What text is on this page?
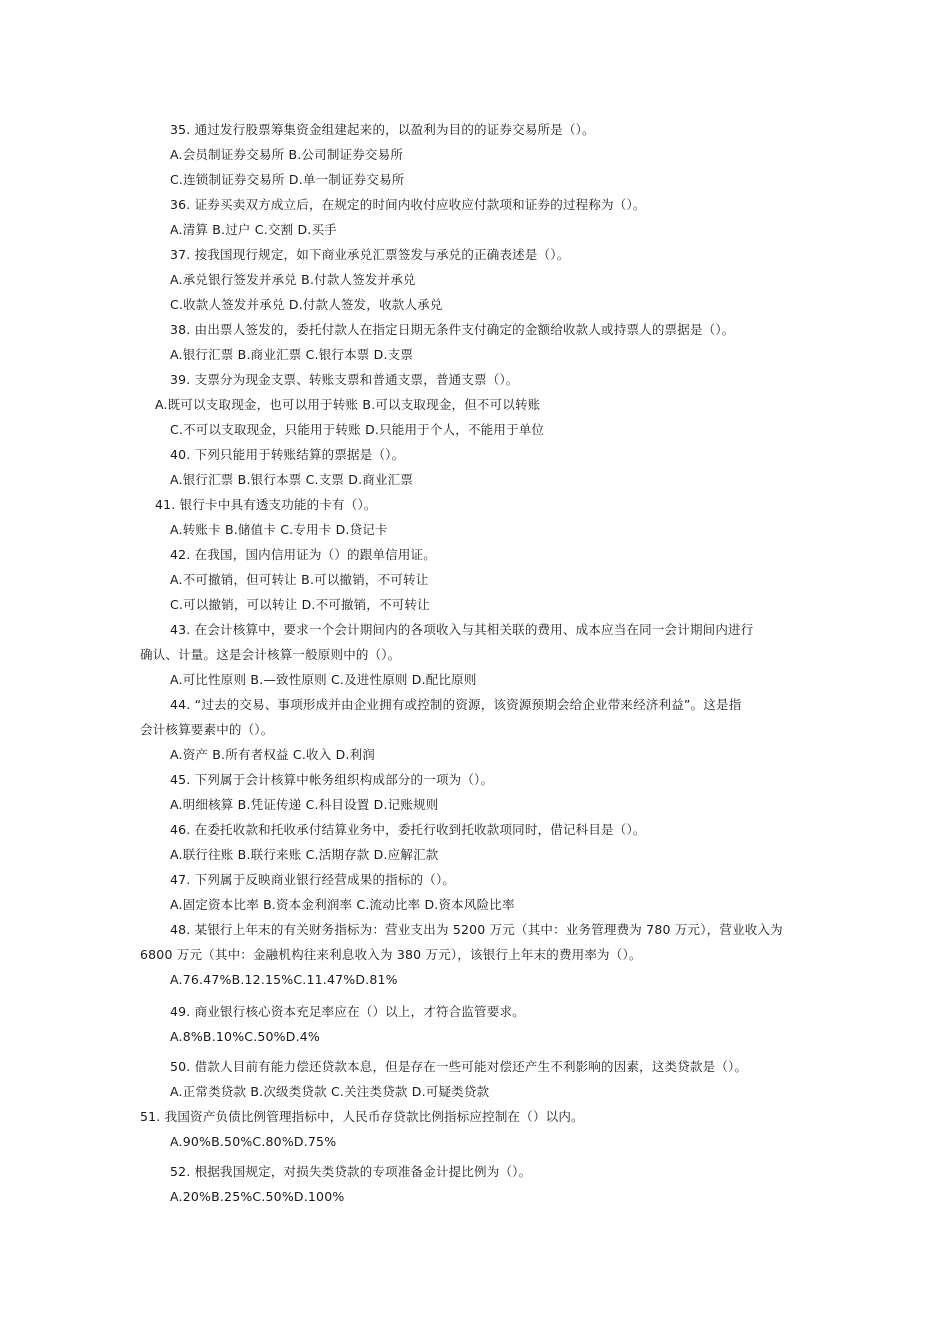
35. 通过发行股票筹集资金组建起来的，以盈利为目的的证券交易所是（）。

A.会员制证券交易所 B.公司制证券交易所

C.连锁制证券交易所 D.单一制证券交易所

36. 证券买卖双方成立后，在规定的时间内收付应收应付款项和证券的过程称为（）。

A.清算 B.过户 C.交割 D.买手

37. 按我国现行规定，如下商业承兑汇票签发与承兑的正确表述是（）。

A.承兑银行签发并承兑 B.付款人签发并承兑

C.收款人签发并承兑 D.付款人签发，收款人承兑

38. 由出票人签发的，委托付款人在指定日期无条件支付确定的金额给收款人或持票人的票据是（）。

A.银行汇票 B.商业汇票 C.银行本票 D.支票

39. 支票分为现金支票、转账支票和普通支票，普通支票（）。

A.既可以支取现金，也可以用于转账 B.可以支取现金，但不可以转账

C.不可以支取现金，只能用于转账 D.只能用于个人，不能用于单位

40. 下列只能用于转账结算的票据是（）。

A.银行汇票 B.银行本票 C.支票 D.商业汇票

41. 银行卡中具有透支功能的卡有（）。

A.转账卡 B.储值卡 C.专用卡 D.贷记卡

42. 在我国，国内信用证为（）的跟单信用证。

A.不可撤销，但可转让 B.可以撤销，不可转让

C.可以撤销，可以转让 D.不可撤销，不可转让

43. 在会计核算中，要求一个会计期间内的各项收入与其相关联的费用、成本应当在同一会计期间内进行

确认、计量。这是会计核算一般原则中的（）。

A.可比性原则 B.—致性原则 C.及进性原则 D.配比原则

44. “过去的交易、事项形成并由企业拥有或控制的资源，该资源预期会给企业带来经济利益”。这是指

会计核算要素中的（）。

A.资产 B.所有者权益 C.收入 D.利润

45. 下列属于会计核算中帐务组织构成部分的一项为（）。

A.明细核算 B.凭证传递 C.科目设置 D.记账规则

46. 在委托收款和托收承付结算业务中，委托行收到托收款项同时，借记科目是（）。

A.联行往账 B.联行来账 C.活期存款 D.应解汇款

47. 下列属于反映商业银行经营成果的指标的（）。

A.固定资本比率 B.资本金利润率 C.流动比率 D.资本风险比率

48. 某银行上年末的有关财务指标为：营业支出为 5200 万元（其中：业务管理费为 780 万元），营业收入为

6800 万元（其中：金融机构往来利息收入为 380 万元），该银行上年末的费用率为（）。

A.76.47%B.12.15%C.11.47%D.81%

49. 商业银行核心资本充足率应在（）以上，才符合监管要求。

A.8%B.10%C.50%D.4%

50. 借款人目前有能力偿还贷款本息，但是存在一些可能对偿还产生不利影响的因素，这类贷款是（）。

A.正常类贷款 B.次级类贷款 C.关注类贷款 D.可疑类贷款

51. 我国资产负债比例管理指标中，人民币存贷款比例指标应控制在（）以内。

A.90%B.50%C.80%D.75%

52. 根据我国规定，对损失类贷款的专项准备金计提比例为（）。

A.20%B.25%C.50%D.100%
